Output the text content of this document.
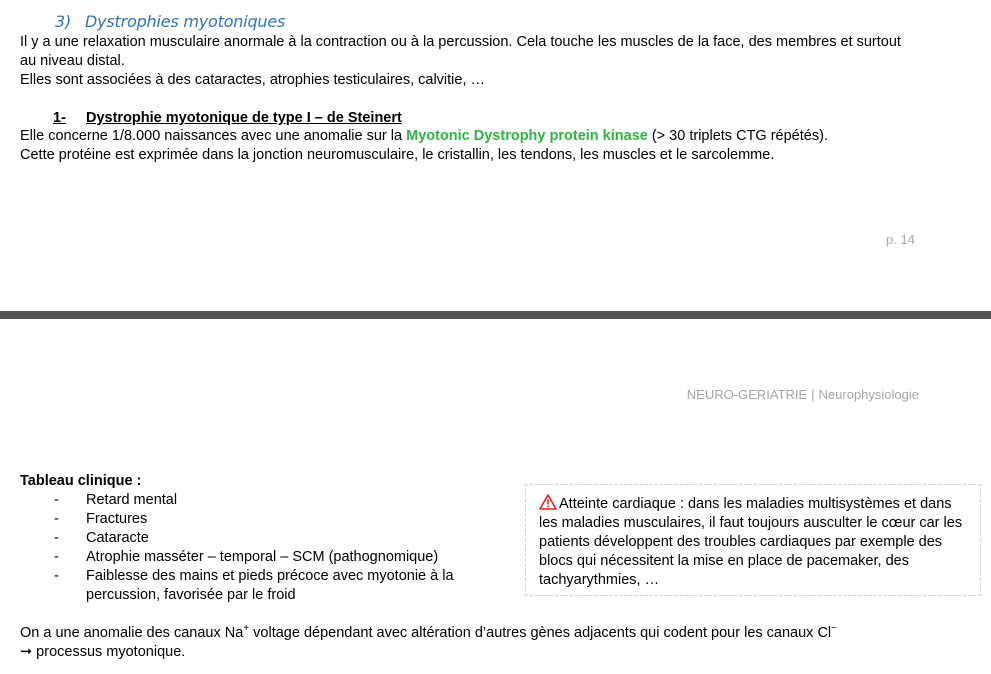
3) Dystrophies myotoniques
Il y a une relaxation musculaire anormale à la contraction ou à la percussion. Cela touche les muscles de la face, des membres et surtout au niveau distal.
Elles sont associées à des cataractes, atrophies testiculaires, calvitie, …
1- Dystrophie myotonique de type I – de Steinert
Elle concerne 1/8.000 naissances avec une anomalie sur la Myotonic Dystrophy protein kinase (> 30 triplets CTG répétés).
Cette protéine est exprimée dans la jonction neuromusculaire, le cristallin, les tendons, les muscles et le sarcolemme.
p. 14
NEURO-GERIATRIE | Neurophysiologie
Tableau clinique :
-	Retard mental
-	Fractures
-	Cataracte
-	Atrophie masséter – temporal – SCM (pathognomique)
-	Faiblesse des mains et pieds précoce avec myotonie à la percussion, favorisée par le froid
Atteinte cardiaque : dans les maladies multisystèmes et dans les maladies musculaires, il faut toujours ausculter le cœur car les patients développent des troubles cardiaques par exemple des blocs qui nécessitent la mise en place de pacemaker, des tachyarythmies, …
On a une anomalie des canaux Na+ voltage dépendant avec altération d’autres gènes adjacents qui codent pour les canaux Cl−
➞ processus myotonique.
